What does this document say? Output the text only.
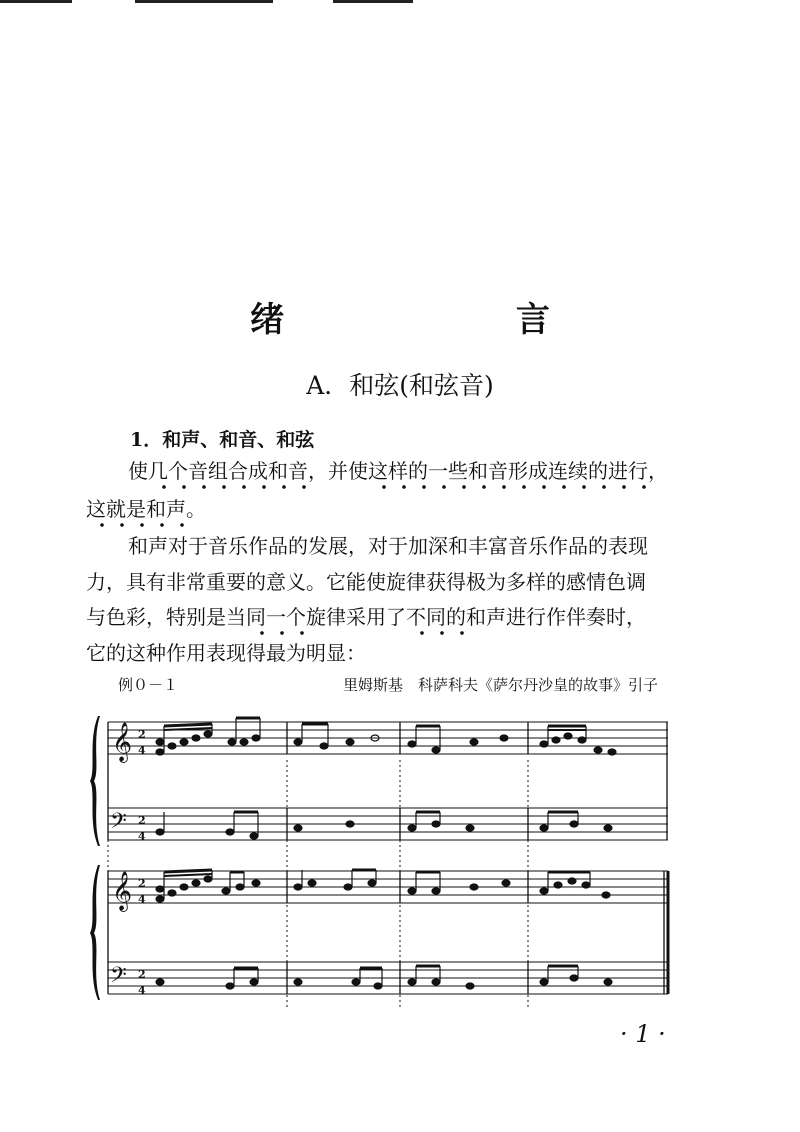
绪 言
A．和弦(和弦音)
1．和声、和音、和弦
使几个音组合成和音，并使这样的一些和音形成连续的进行，
这就是和声。
和声对于音乐作品的发展，对于加深和丰富音乐作品的表现
力，具有非常重要的意义。它能使旋律获得极为多样的感情色调
与色彩，特别是当同一个旋律采用了不同的和声进行作伴奏时，
它的这种作用表现得最为明显：
例０－１	里姆斯基　科萨科夫《萨尔丹沙皇的故事》引子
𝄞
𝄞
𝄢
𝄢
2
4
2
4
2
4
2
4
· 1 ·
